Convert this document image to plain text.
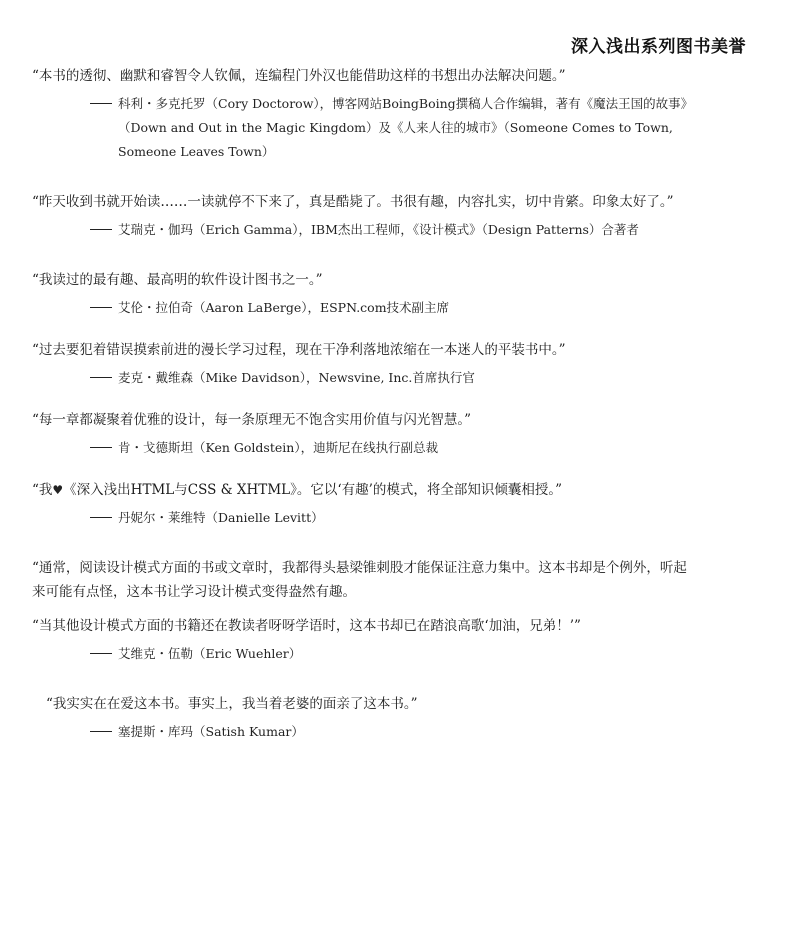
深入浅出系列图书美誉

“本书的透彻、幽默和睿智令人钦佩，连编程门外汉也能借助这样的书想出办法解决问题。”

科利・多克托罗（Cory Doctorow），博客网站BoingBoing撰稿人合作编辑，著有《魔法王国的故事》（Down and Out in the Magic Kingdom）及《人来人往的城市》（Someone Comes to Town, Someone Leaves Town）

“昨天收到书就开始读……一读就停不下来了，真是酷毙了。书很有趣，内容扎实，切中肯綮。印象太好了。”

艾瑞克・伽玛（Erich Gamma），IBM杰出工程师，《设计模式》（Design Patterns）合著者

“我读过的最有趣、最高明的软件设计图书之一。”

艾伦・拉伯奇（Aaron LaBerge），ESPN.com技术副主席

“过去要犯着错误摸索前进的漫长学习过程，现在干净利落地浓缩在一本迷人的平装书中。”

麦克・戴维森（Mike Davidson），Newsvine, Inc.首席执行官

“每一章都凝聚着优雅的设计，每一条原理无不饱含实用价值与闪光智慧。”

肯・戈德斯坦（Ken Goldstein），迪斯尼在线执行副总裁

“我♥《深入浅出HTML与CSS & XHTML》。它以‘有趣’的模式，将全部知识倾囊相授。”

丹妮尔・莱维特（Danielle Levitt）

“通常，阅读设计模式方面的书或文章时，我都得头悬梁锥刺股才能保证注意力集中。这本书却是个例外，听起来可能有点怪，这本书让学习设计模式变得盎然有趣。

“当其他设计模式方面的书籍还在教读者呀呀学语时，这本书却已在踏浪高歌‘加油，兄弟！’”

艾维克・伍勒（Eric Wuehler）

“我实实在在爱这本书。事实上，我当着老婆的面亲了这本书。”

塞提斯・库玛（Satish Kumar）
